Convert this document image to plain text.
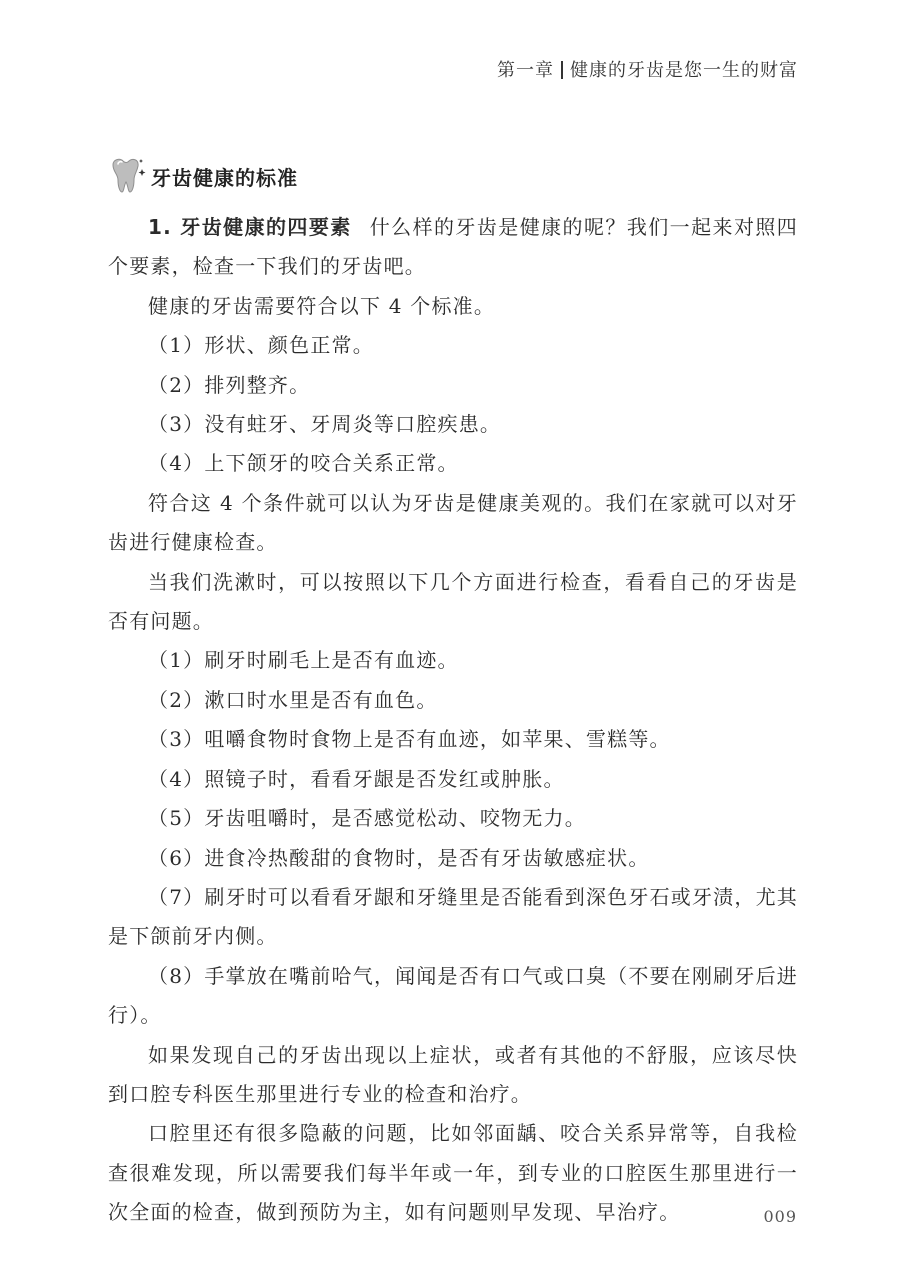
第一章 健康的牙齿是您一生的财富
牙齿健康的标准

1. 牙齿健康的四要素 什么样的牙齿是健康的呢？我们一起来对照四个要素，检查一下我们的牙齿吧。

健康的牙齿需要符合以下 4 个标准。

（1）形状、颜色正常。

（2）排列整齐。

（3）没有蛀牙、牙周炎等口腔疾患。

（4）上下颌牙的咬合关系正常。

符合这 4 个条件就可以认为牙齿是健康美观的。我们在家就可以对牙齿进行健康检查。

当我们洗漱时，可以按照以下几个方面进行检查，看看自己的牙齿是否有问题。

（1）刷牙时刷毛上是否有血迹。

（2）漱口时水里是否有血色。

（3）咀嚼食物时食物上是否有血迹，如苹果、雪糕等。

（4）照镜子时，看看牙龈是否发红或肿胀。

（5）牙齿咀嚼时，是否感觉松动、咬物无力。

（6）进食冷热酸甜的食物时，是否有牙齿敏感症状。

（7）刷牙时可以看看牙龈和牙缝里是否能看到深色牙石或牙渍，尤其是下颌前牙内侧。

（8）手掌放在嘴前哈气，闻闻是否有口气或口臭（不要在刚刷牙后进行）。

如果发现自己的牙齿出现以上症状，或者有其他的不舒服，应该尽快到口腔专科医生那里进行专业的检查和治疗。

口腔里还有很多隐蔽的问题，比如邻面龋、咬合关系异常等，自我检查很难发现，所以需要我们每半年或一年，到专业的口腔医生那里进行一次全面的检查，做到预防为主，如有问题则早发现、早治疗。	009
